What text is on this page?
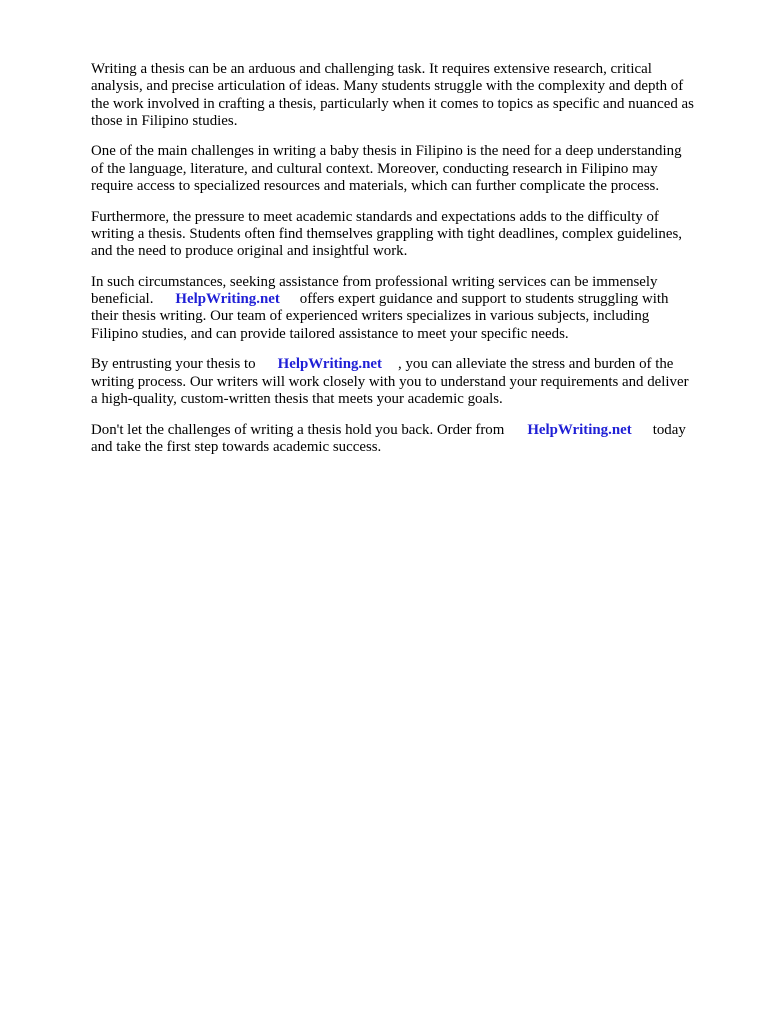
Writing a thesis can be an arduous and challenging task. It requires extensive research, critical
analysis, and precise articulation of ideas. Many students struggle with the complexity and depth of
the work involved in crafting a thesis, particularly when it comes to topics as specific and nuanced as
those in Filipino studies.

One of the main challenges in writing a baby thesis in Filipino is the need for a deep understanding
of the language, literature, and cultural context. Moreover, conducting research in Filipino may
require access to specialized resources and materials, which can further complicate the process.

Furthermore, the pressure to meet academic standards and expectations adds to the difficulty of
writing a thesis. Students often find themselves grappling with tight deadlines, complex guidelines,
and the need to produce original and insightful work.

In such circumstances, seeking assistance from professional writing services can be immensely
beneficial. HelpWriting.net offers expert guidance and support to students struggling with
their thesis writing. Our team of experienced writers specializes in various subjects, including
Filipino studies, and can provide tailored assistance to meet your specific needs.

By entrusting your thesis to HelpWriting.net , you can alleviate the stress and burden of the
writing process. Our writers will work closely with you to understand your requirements and deliver
a high-quality, custom-written thesis that meets your academic goals.

Don't let the challenges of writing a thesis hold you back. Order from HelpWriting.net today
and take the first step towards academic success.
